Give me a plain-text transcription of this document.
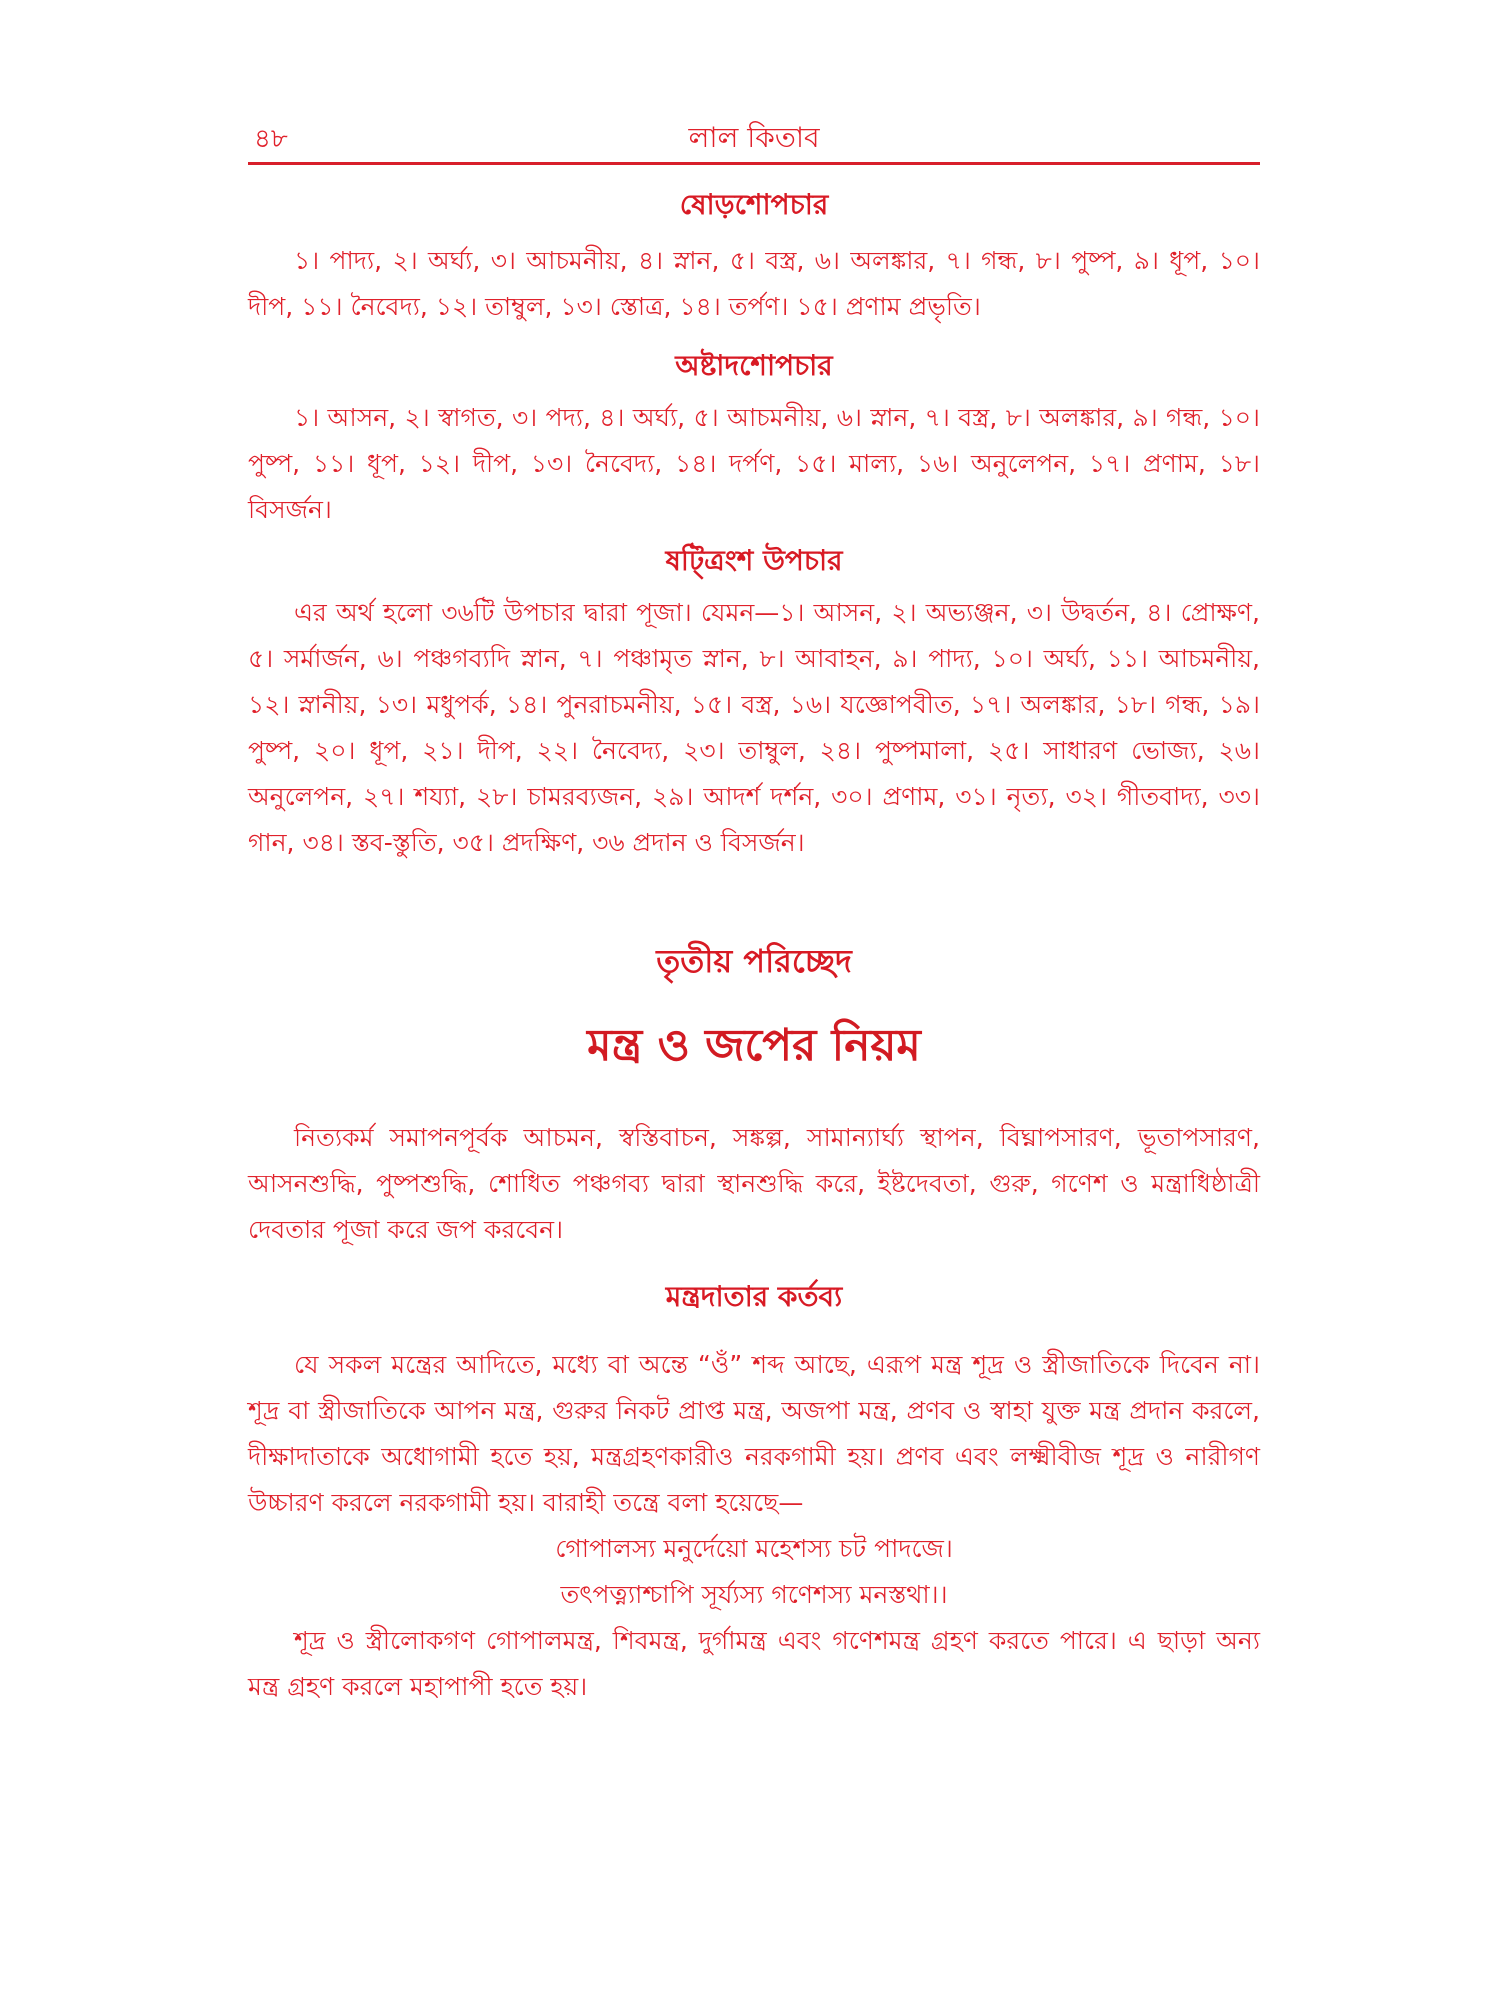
৪৮	লাল কিতাব
ষোড়শোপচার

১। পাদ্য, ২। অর্ঘ্য, ৩। আচমনীয়, ৪। স্নান, ৫। বস্ত্র, ৬। অলঙ্কার, ৭। গন্ধ, ৮। পুষ্প, ৯। ধূপ, ১০। দীপ, ১১। নৈবেদ্য, ১২। তাম্বুল, ১৩। স্তোত্র, ১৪। তর্পণ। ১৫। প্রণাম প্রভৃতি।

অষ্টাদশোপচার

১। আসন, ২। স্বাগত, ৩। পদ্য, ৪। অর্ঘ্য, ৫। আচমনীয়, ৬। স্নান, ৭। বস্ত্র, ৮। অলঙ্কার, ৯। গন্ধ, ১০। পুষ্প, ১১। ধূপ, ১২। দীপ, ১৩। নৈবেদ্য, ১৪। দর্পণ, ১৫। মাল্য, ১৬। অনুলেপন, ১৭। প্রণাম, ১৮। বিসর্জন।

ষট্ত্রিংশ উপচার

এর অর্থ হলো ৩৬টি উপচার দ্বারা পূজা। যেমন—১। আসন, ২। অভ্যঞ্জন, ৩। উদ্বর্তন, ৪। প্রোক্ষণ, ৫। সর্মার্জন, ৬। পঞ্চগব্যদি স্নান, ৭। পঞ্চামৃত স্নান, ৮। আবাহন, ৯। পাদ্য, ১০। অর্ঘ্য, ১১। আচমনীয়, ১২। স্নানীয়, ১৩। মধুপর্ক, ১৪। পুনরাচমনীয়, ১৫। বস্ত্র, ১৬। যজ্ঞোপবীত, ১৭। অলঙ্কার, ১৮। গন্ধ, ১৯। পুষ্প, ২০। ধূপ, ২১। দীপ, ২২। নৈবেদ্য, ২৩। তাম্বুল, ২৪। পুষ্পমালা, ২৫। সাধারণ ভোজ্য, ২৬। অনুলেপন, ২৭। শয্যা, ২৮। চামরব্যজন, ২৯। আদর্শ দর্শন, ৩০। প্রণাম, ৩১। নৃত্য, ৩২। গীতবাদ্য, ৩৩। গান, ৩৪। স্তব-স্তুতি, ৩৫। প্রদক্ষিণ, ৩৬ প্রদান ও বিসর্জন।

তৃতীয় পরিচ্ছেদ
মন্ত্র ও জপের নিয়ম

নিত্যকর্ম সমাপনপূর্বক আচমন, স্বস্তিবাচন, সঙ্কল্প, সামান্যার্ঘ্য স্থাপন, বিঘ্নাপসারণ, ভূতাপসারণ, আসনশুদ্ধি, পুষ্পশুদ্ধি, শোধিত পঞ্চগব্য দ্বারা স্থানশুদ্ধি করে, ইষ্টদেবতা, গুরু, গণেশ ও মন্ত্রাধিষ্ঠাত্রী দেবতার পূজা করে জপ করবেন।

মন্ত্রদাতার কর্তব্য

যে সকল মন্ত্রের আদিতে, মধ্যে বা অন্তে “ওঁ” শব্দ আছে, এরূপ মন্ত্র শূদ্র ও স্ত্রীজাতিকে দিবেন না। শূদ্র বা স্ত্রীজাতিকে আপন মন্ত্র, গুরুর নিকট প্রাপ্ত মন্ত্র, অজপা মন্ত্র, প্রণব ও স্বাহা যুক্ত মন্ত্র প্রদান করলে, দীক্ষাদাতাকে অধোগামী হতে হয়, মন্ত্রগ্রহণকারীও নরকগামী হয়। প্রণব এবং লক্ষ্মীবীজ শূদ্র ও নারীগণ উচ্চারণ করলে নরকগামী হয়। বারাহী তন্ত্রে বলা হয়েছে—

গোপালস্য মনুর্দেয়ো মহেশস্য চট পাদজে।
তৎপত্ন্যাশ্চাপি সূর্য্যস্য গণেশস্য মনস্তথা।।

শূদ্র ও স্ত্রীলোকগণ গোপালমন্ত্র, শিবমন্ত্র, দুর্গামন্ত্র এবং গণেশমন্ত্র গ্রহণ করতে পারে। এ ছাড়া অন্য মন্ত্র গ্রহণ করলে মহাপাপী হতে হয়।
